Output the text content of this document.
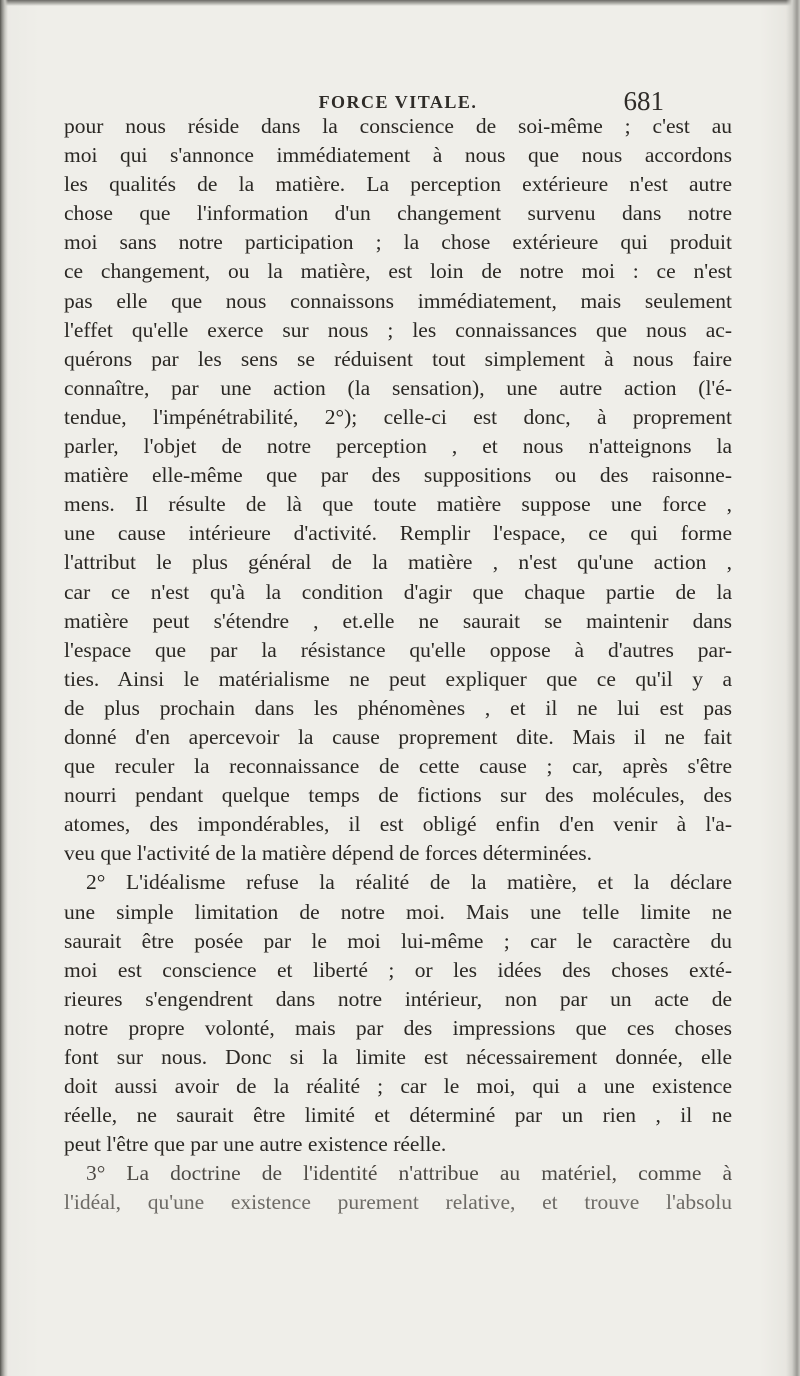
FORCE VITALE.	681
pour nous réside dans la conscience de soi-même ; c'est au
moi qui s'annonce immédiatement à nous que nous accordons
les qualités de la matière. La perception extérieure n'est autre
chose que l'information d'un changement survenu dans notre
moi sans notre participation ; la chose extérieure qui produit
ce changement, ou la matière, est loin de notre moi : ce n'est
pas elle que nous connaissons immédiatement, mais seulement
l'effet qu'elle exerce sur nous ; les connaissances que nous ac-
quérons par les sens se réduisent tout simplement à nous faire
connaître, par une action (la sensation), une autre action (l'é-
tendue, l'impénétrabilité, 2°); celle-ci est donc, à proprement
parler, l'objet de notre perception , et nous n'atteignons la
matière elle-même que par des suppositions ou des raisonne-
mens. Il résulte de là que toute matière suppose une force ,
une cause intérieure d'activité. Remplir l'espace, ce qui forme
l'attribut le plus général de la matière , n'est qu'une action ,
car ce n'est qu'à la condition d'agir que chaque partie de la
matière peut s'étendre , et.elle ne saurait se maintenir dans
l'espace que par la résistance qu'elle oppose à d'autres par-
ties. Ainsi le matérialisme ne peut expliquer que ce qu'il y a
de plus prochain dans les phénomènes , et il ne lui est pas
donné d'en apercevoir la cause proprement dite. Mais il ne fait
que reculer la reconnaissance de cette cause ; car, après s'être
nourri pendant quelque temps de fictions sur des molécules, des
atomes, des impondérables, il est obligé enfin d'en venir à l'a-
veu que l'activité de la matière dépend de forces déterminées.
2° L'idéalisme refuse la réalité de la matière, et la déclare
une simple limitation de notre moi. Mais une telle limite ne
saurait être posée par le moi lui-même ; car le caractère du
moi est conscience et liberté ; or les idées des choses exté-
rieures s'engendrent dans notre intérieur, non par un acte de
notre propre volonté, mais par des impressions que ces choses
font sur nous. Donc si la limite est nécessairement donnée, elle
doit aussi avoir de la réalité ; car le moi, qui a une existence
réelle, ne saurait être limité et déterminé par un rien , il ne
peut l'être que par une autre existence réelle.
3° La doctrine de l'identité n'attribue au matériel, comme à
l'idéal, qu'une existence purement relative, et trouve l'absolu
